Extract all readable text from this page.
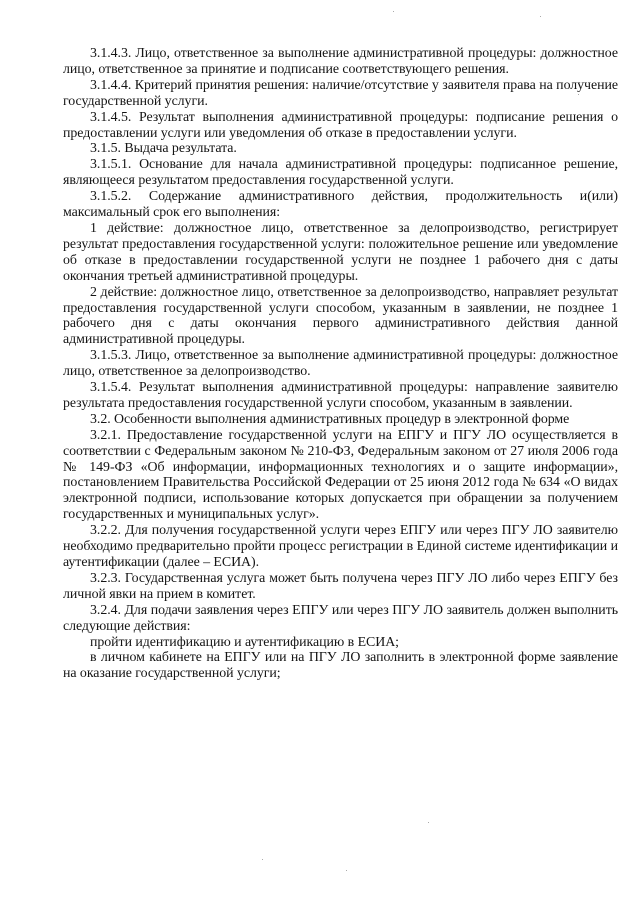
3.1.4.3. Лицо, ответственное за выполнение административной процедуры: должностное лицо, ответственное за принятие и подписание соответствующего решения.

3.1.4.4. Критерий принятия решения: наличие/отсутствие у заявителя права на получение государственной услуги.

3.1.4.5. Результат выполнения административной процедуры: подписание решения о предоставлении услуги или уведомления об отказе в предоставлении услуги.

3.1.5. Выдача результата.

3.1.5.1. Основание для начала административной процедуры: подписанное решение, являющееся результатом предоставления государственной услуги.

3.1.5.2. Содержание административного действия, продолжительность и(или) максимальный срок его выполнения:

1 действие: должностное лицо, ответственное за делопроизводство, регистрирует результат предоставления государственной услуги: положительное решение или уведомление об отказе в предоставлении государственной услуги не позднее 1 рабочего дня с даты окончания третьей административной процедуры.

2 действие: должностное лицо, ответственное за делопроизводство, направляет результат предоставления государственной услуги способом, указанным в заявлении, не позднее 1 рабочего дня с даты окончания первого административного действия данной административной процедуры.

3.1.5.3. Лицо, ответственное за выполнение административной процедуры: должностное лицо, ответственное за делопроизводство.

3.1.5.4. Результат выполнения административной процедуры: направление заявителю результата предоставления государственной услуги способом, указанным в заявлении.

3.2. Особенности выполнения административных процедур в электронной форме

3.2.1. Предоставление государственной услуги на ЕПГУ и ПГУ ЛО осуществляется в соответствии с Федеральным законом № 210-ФЗ, Федеральным законом от 27 июля 2006 года № 149-ФЗ «Об информации, информационных технологиях и о защите информации», постановлением Правительства Российской Федерации от 25 июня 2012 года № 634 «О видах электронной подписи, использование которых допускается при обращении за получением государственных и муниципальных услуг».

3.2.2. Для получения государственной услуги через ЕПГУ или через ПГУ ЛО заявителю необходимо предварительно пройти процесс регистрации в Единой системе идентификации и аутентификации (далее – ЕСИА).

3.2.3. Государственная услуга может быть получена через ПГУ ЛО либо через ЕПГУ без личной явки на прием в комитет.

3.2.4. Для подачи заявления через ЕПГУ или через ПГУ ЛО заявитель должен выполнить следующие действия:

пройти идентификацию и аутентификацию в ЕСИА;

в личном кабинете на ЕПГУ или на ПГУ ЛО заполнить в электронной форме заявление на оказание государственной услуги;
